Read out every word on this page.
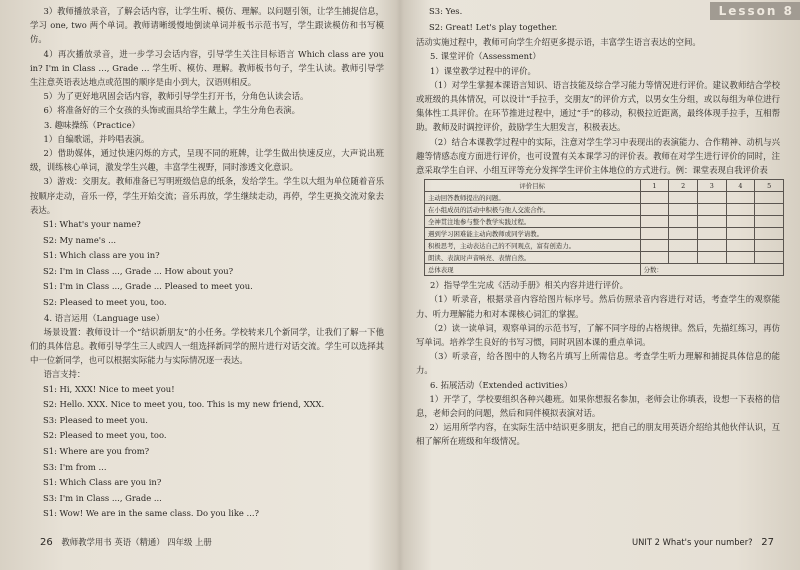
3）教师播放录音，了解会话内容，让学生听、模仿、理解。以问题引领，让学生捕捉信息，学习 one, two 两个单词。教师请晰缓慢地倒读单词并板书示范书写，学生跟读模仿和书写模仿。

4）再次播放录音，进一步学习会话内容，引导学生关注目标语言 Which class are you in? I'm in Class …, Grade … 学生听、模仿、理解。教师板书句子，学生认读。教师引导学生注意英语表达地点或范围的顺序是由小到大，汉语则相反。

5）为了更好地巩固会话内容，教师引导学生打开书，分角色认读会话。

6）将准备好的三个女孩的头饰或面具给学生戴上，学生分角色表演。

3. 趣味操练（Practice）

1）自编歌谣，并吟唱表演。

2）借助媒体，通过快速闪烁的方式，呈现不同的班牌，让学生做出快速反应，大声说出班级，训练核心单词，激发学生兴趣，丰富学生视野，同时渗透文化意识。

3）游戏：交朋友。教师准备已写明班级信息的纸条，发给学生。学生以大组为单位随着音乐按顺序走动，音乐一停，学生开始交流；音乐再放，学生继续走动，再停，学生更换交流对象去表达。

S1: What's your name?

S2: My name's ...

S1: Which class are you in?

S2: I'm in Class ..., Grade ... How about you?

S1: I'm in Class ..., Grade ... Pleased to meet you.

S2: Pleased to meet you, too.

4. 语言运用（Language use）

场景设置：教师设计一个“结识新朋友”的小任务。学校转来几个新同学，让我们了解一下他们的具体信息。教师引导学生三人或四人一组选择新同学的照片进行对话交流。学生可以选择其中一位新同学，也可以根据实际能力与实际情况逐一表达。

语言支持：

S1: Hi, XXX! Nice to meet you!

S2: Hello. XXX. Nice to meet you, too. This is my new friend, XXX.

S3: Pleased to meet you.

S2: Pleased to meet you, too.

S1: Where are you from?

S3: I'm from ...

S1: Which Class are you in?

S3: I'm in Class ..., Grade ...

S1: Wow! We are in the same class. Do you like ...?

26 教师教学用书 英语（精通） 四年级 上册
Lesson 8

S3: Yes.

S2: Great! Let's play together.

活动实施过程中，教师可向学生介绍更多提示语，丰富学生语言表达的空间。

5. 课堂评价（Assessment）

1）课堂教学过程中的评价。

（1）对学生掌握本课语言知识、语言技能及综合学习能力等情况进行评价。建议教师结合学校或班级的具体情况，可以设计“手拉手，交朋友”的评价方式，以男女生分组，或以每组为单位进行集体性工具评价。在环节推进过程中，通过“手”的移动，积极拉近距离，最终体现手拉手，互相帮助。教师及时调控评价，鼓励学生大胆发言，积极表达。

（2）结合本课教学过程中的实际，注意对学生学习中表现出的表演能力、合作精神、动机与兴趣等情感态度方面进行评价，也可设置有关本课学习的评价表。教师在对学生进行评价的同时，注意采取学生自评、小组互评等充分发挥学生评价主体地位的方式进行。例：课堂表现自我评价表

评价目标	1	2	3	4	5
主动回答教师提出的问题。					
在小组成员的活动中积极与他人交流合作。					
全神贯注地参与整个教学实践过程。					
遇到学习困难能主动向教师或同学请教。					
积极思考，主动表达自己的不同观点，富有创造力。					
朗读、表演时声音响亮、表情自然。					
总体表现	分数：				

2）指导学生完成《活动手册》相关内容并进行评价。

（1）听录音，根据录音内容给图片标序号。然后仿照录音内容进行对话，考查学生的观察能力、听力理解能力和对本课核心词汇的掌握。

（2）读一读单词，观察单词的示范书写，了解不同字母的占格规律。然后，先描红练习，再仿写单词。培养学生良好的书写习惯，同时巩固本课的重点单词。

（3）听录音，给各图中的人物名片填写上所需信息。考查学生听力理解和捕捉具体信息的能力。

6. 拓展活动（Extended activities）

1）开学了，学校要组织各种兴趣班。如果你想报名参加，老师会让你填表，设想一下表格的信息，老师会问的问题，然后和同伴模拟表演对话。

2）运用所学内容，在实际生活中结识更多朋友，把自己的朋友用英语介绍给其他伙伴认识，互相了解所在班级和年级情况。

UNIT 2 What's your number? 27
